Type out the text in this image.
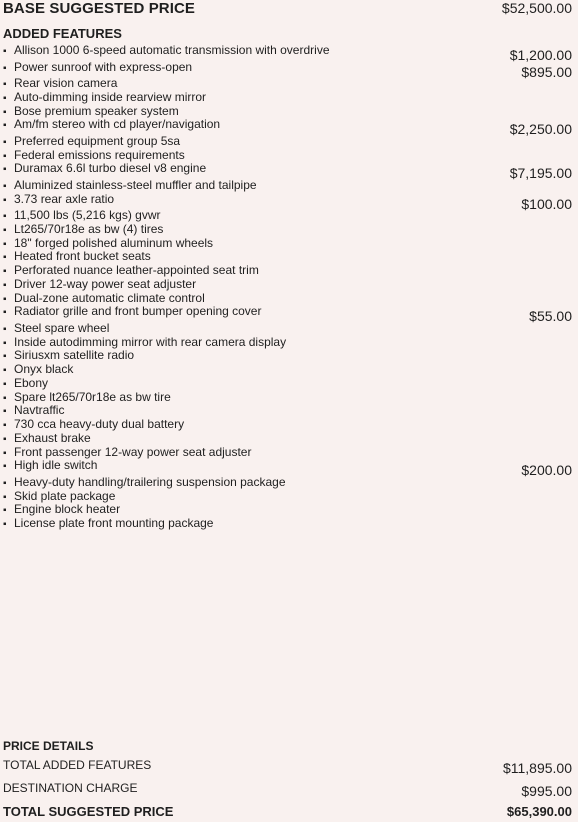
BASE SUGGESTED PRICE	$52,500.00
ADDED FEATURES
▪ Allison 1000 6-speed automatic transmission with overdrive	$1,200.00
▪ Power sunroof with express-open	$895.00
▪ Rear vision camera
▪ Auto-dimming inside rearview mirror
▪ Bose premium speaker system
▪ Am/fm stereo with cd player/navigation	$2,250.00
▪ Preferred equipment group 5sa
▪ Federal emissions requirements
▪ Duramax 6.6l turbo diesel v8 engine	$7,195.00
▪ Aluminized stainless-steel muffler and tailpipe
▪ 3.73 rear axle ratio	$100.00
▪ 11,500 lbs (5,216 kgs) gvwr
▪ Lt265/70r18e as bw (4) tires
▪ 18" forged polished aluminum wheels
▪ Heated front bucket seats
▪ Perforated nuance leather-appointed seat trim
▪ Driver 12-way power seat adjuster
▪ Dual-zone automatic climate control
▪ Radiator grille and front bumper opening cover	$55.00
▪ Steel spare wheel
▪ Inside autodimming mirror with rear camera display
▪ Siriusxm satellite radio
▪ Onyx black
▪ Ebony
▪ Spare lt265/70r18e as bw tire
▪ Navtraffic
▪ 730 cca heavy-duty dual battery
▪ Exhaust brake
▪ Front passenger 12-way power seat adjuster
▪ High idle switch	$200.00
▪ Heavy-duty handling/trailering suspension package
▪ Skid plate package
▪ Engine block heater
▪ License plate front mounting package
PRICE DETAILS
TOTAL ADDED FEATURES	$11,895.00
DESTINATION CHARGE	$995.00
TOTAL SUGGESTED PRICE	$65,390.00
